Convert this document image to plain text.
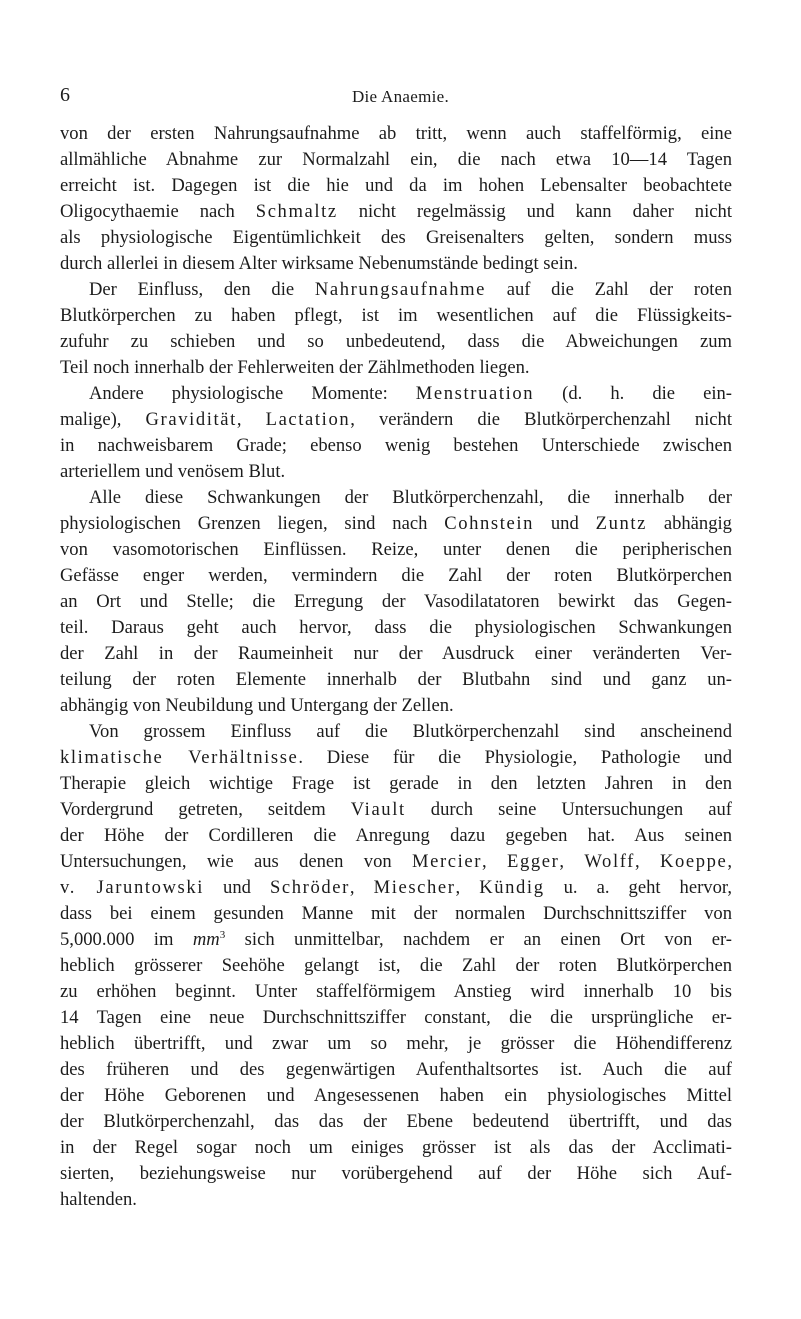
6	Die Anaemie.

von der ersten Nahrungsaufnahme ab tritt, wenn auch staffelförmig, eine

allmähliche Abnahme zur Normalzahl ein, die nach etwa 10—14 Tagen

erreicht ist. Dagegen ist die hie und da im hohen Lebensalter beobachtete

Oligocythaemie nach Schmaltz nicht regelmässig und kann daher nicht

als physiologische Eigentümlichkeit des Greisenalters gelten, sondern muss

durch allerlei in diesem Alter wirksame Nebenumstände bedingt sein.

Der Einfluss, den die Nahrungsaufnahme auf die Zahl der roten

Blutkörperchen zu haben pflegt, ist im wesentlichen auf die Flüssigkeits-

zufuhr zu schieben und so unbedeutend, dass die Abweichungen zum

Teil noch innerhalb der Fehlerweiten der Zählmethoden liegen.

Andere physiologische Momente: Menstruation (d. h. die ein-

malige), Gravidität, Lactation, verändern die Blutkörperchenzahl nicht

in nachweisbarem Grade; ebenso wenig bestehen Unterschiede zwischen

arteriellem und venösem Blut.

Alle diese Schwankungen der Blutkörperchenzahl, die innerhalb der

physiologischen Grenzen liegen, sind nach Cohnstein und Zuntz abhängig

von vasomotorischen Einflüssen. Reize, unter denen die peripherischen

Gefässe enger werden, vermindern die Zahl der roten Blutkörperchen

an Ort und Stelle; die Erregung der Vasodilatatoren bewirkt das Gegen-

teil. Daraus geht auch hervor, dass die physiologischen Schwankungen

der Zahl in der Raumeinheit nur der Ausdruck einer veränderten Ver-

teilung der roten Elemente innerhalb der Blutbahn sind und ganz un-

abhängig von Neubildung und Untergang der Zellen.

Von grossem Einfluss auf die Blutkörperchenzahl sind anscheinend

klimatische Verhältnisse. Diese für die Physiologie, Pathologie und

Therapie gleich wichtige Frage ist gerade in den letzten Jahren in den

Vordergrund getreten, seitdem Viault durch seine Untersuchungen auf

der Höhe der Cordilleren die Anregung dazu gegeben hat. Aus seinen

Untersuchungen, wie aus denen von Mercier, Egger, Wolff, Koeppe,

v. Jaruntowski und Schröder, Miescher, Kündig u. a. geht hervor,

dass bei einem gesunden Manne mit der normalen Durchschnittsziffer von

5,000.000 im $mm^3$ sich unmittelbar, nachdem er an einen Ort von er-

heblich grösserer Seehöhe gelangt ist, die Zahl der roten Blutkörperchen

zu erhöhen beginnt. Unter staffelförmigem Anstieg wird innerhalb 10 bis

14 Tagen eine neue Durchschnittsziffer constant, die die ursprüngliche er-

heblich übertrifft, und zwar um so mehr, je grösser die Höhendifferenz

des früheren und des gegenwärtigen Aufenthaltsortes ist. Auch die auf

der Höhe Geborenen und Angesessenen haben ein physiologisches Mittel

der Blutkörperchenzahl, das das der Ebene bedeutend übertrifft, und das

in der Regel sogar noch um einiges grösser ist als das der Acclimati-

sierten, beziehungsweise nur vorübergehend auf der Höhe sich Auf-

haltenden.
